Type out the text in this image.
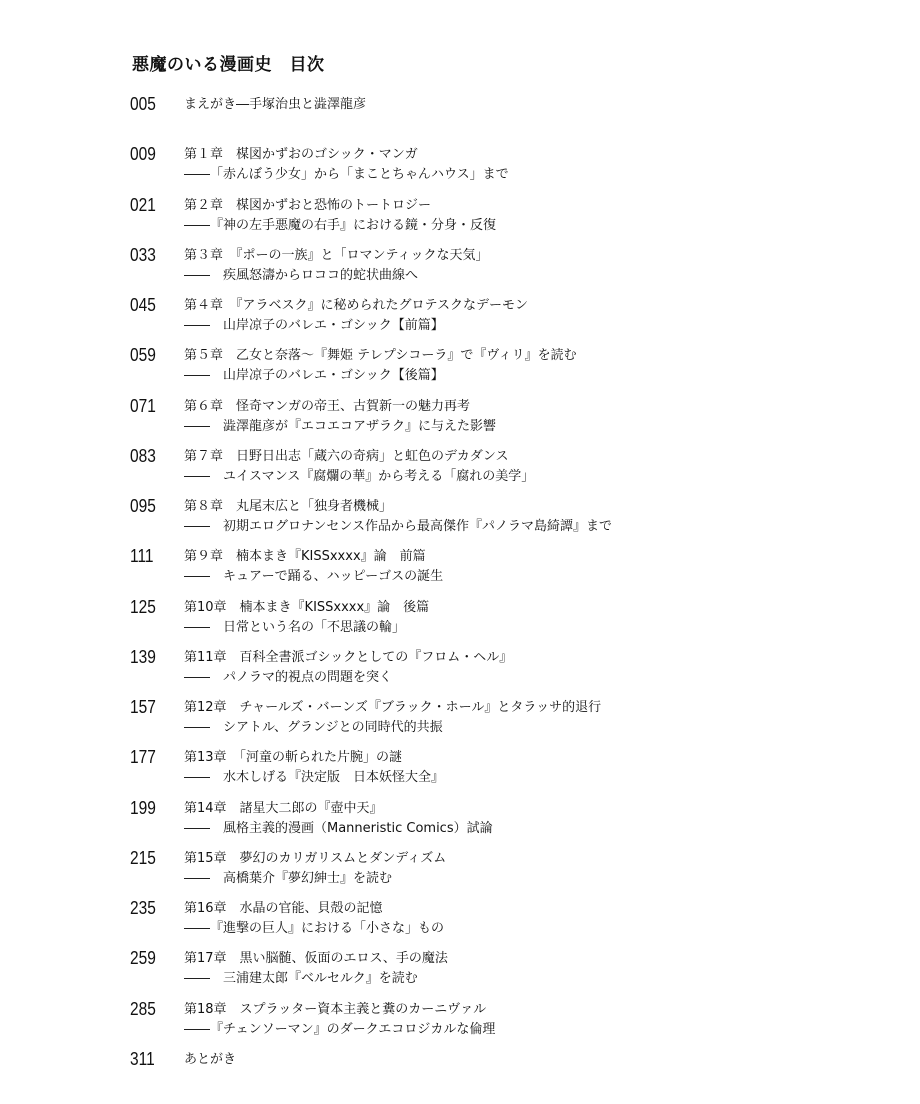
悪魔のいる漫画史　目次
005	まえがき―手塚治虫と澁澤龍彦
009	第１章　楳図かずおのゴシック・マンガ
――「赤んぼう少女」から「まことちゃんハウス」まで
021	第２章　楳図かずおと恐怖のトートロジー
――『神の左手悪魔の右手』における鏡・分身・反復
033	第３章　『ポーの一族』と「ロマンティックな天気」
――　疾風怒濤からロココ的蛇状曲線へ
045	第４章　『アラベスク』に秘められたグロテスクなデーモン
――　山岸凉子のバレエ・ゴシック【前篇】
059	第５章　乙女と奈落～『舞姫 テレプシコーラ』で『ヴィリ』を読む
――　山岸凉子のバレエ・ゴシック【後篇】
071	第６章　怪奇マンガの帝王、古賀新一の魅力再考
――　澁澤龍彦が『エコエコアザラク』に与えた影響
083	第７章　日野日出志「蔵六の奇病」と虹色のデカダンス
――　ユイスマンス『腐爛の華』から考える「腐れの美学」
095	第８章　丸尾末広と「独身者機械」
――　初期エログロナンセンス作品から最高傑作『パノラマ島綺譚』まで
111	第９章　楠本まき『KISSxxxx』論　前篇
――　キュアーで踊る、ハッピーゴスの誕生
125	第10章　楠本まき『KISSxxxx』論　後篇
――　日常という名の「不思議の輪」
139	第11章　百科全書派ゴシックとしての『フロム・ヘル』
――　パノラマ的視点の問題を突く
157	第12章　チャールズ・バーンズ『ブラック・ホール』とタラッサ的退行
――　シアトル、グランジとの同時代的共振
177	第13章　「河童の斬られた片腕」の謎
――　水木しげる『決定版　日本妖怪大全』
199	第14章　諸星大二郎の『壺中天』
――　風格主義的漫画（Manneristic Comics）試論
215	第15章　夢幻のカリガリスムとダンディズム
――　高橋葉介『夢幻紳士』を読む
235	第16章　水晶の官能、貝殻の記憶
――『進撃の巨人』における「小さな」もの
259	第17章　黒い脳髄、仮面のエロス、手の魔法
――　三浦建太郎『ベルセルク』を読む
285	第18章　スプラッター資本主義と糞のカーニヴァル
――『チェンソーマン』のダークエコロジカルな倫理
311	あとがき
